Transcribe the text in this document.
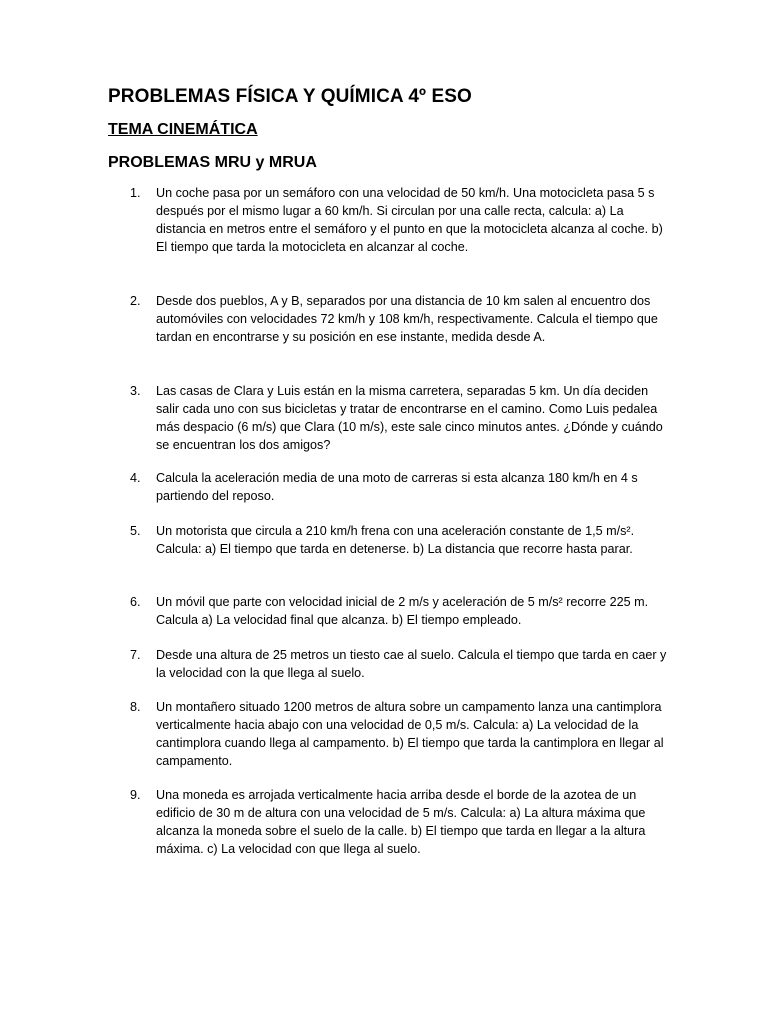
PROBLEMAS FÍSICA Y QUÍMICA 4º ESO
TEMA CINEMÁTICA
PROBLEMAS MRU y MRUA
1.	Un coche pasa por un semáforo con una velocidad de 50 km/h. Una motocicleta pasa 5 s después por el mismo lugar a 60 km/h. Si circulan por una calle recta, calcula: a) La distancia en metros entre el semáforo y el punto en que la motocicleta alcanza al coche. b) El tiempo que tarda la motocicleta en alcanzar al coche.
2.	Desde dos pueblos, A y B, separados por una distancia de 10 km salen al encuentro dos automóviles con velocidades 72 km/h y 108 km/h, respectivamente. Calcula el tiempo que tardan en encontrarse y su posición en ese instante, medida desde A.
3.	Las casas de Clara y Luis están en la misma carretera, separadas 5 km. Un día deciden salir cada uno con sus bicicletas y tratar de encontrarse en el camino. Como Luis pedalea más despacio (6 m/s) que Clara (10 m/s), este sale cinco minutos antes. ¿Dónde y cuándo se encuentran los dos amigos?
4.	Calcula la aceleración media de una moto de carreras si esta alcanza 180 km/h en 4 s partiendo del reposo.
5.	Un motorista que circula a 210 km/h frena con una aceleración constante de 1,5 m/s². Calcula: a) El tiempo que tarda en detenerse. b) La distancia que recorre hasta parar.
6.	Un móvil que parte con velocidad inicial de 2 m/s y aceleración de 5 m/s² recorre 225 m. Calcula a) La velocidad final que alcanza. b) El tiempo empleado.
7.	Desde una altura de 25 metros un tiesto cae al suelo. Calcula el tiempo que tarda en caer y la velocidad con la que llega al suelo.
8.	Un montañero situado 1200 metros de altura sobre un campamento lanza una cantimplora verticalmente hacia abajo con una velocidad de 0,5 m/s. Calcula: a) La velocidad de la cantimplora cuando llega al campamento. b) El tiempo que tarda la cantimplora en llegar al campamento.
9.	Una moneda es arrojada verticalmente hacia arriba desde el borde de la azotea de un edificio de 30 m de altura con una velocidad de 5 m/s. Calcula: a) La altura máxima que alcanza la moneda sobre el suelo de la calle. b) El tiempo que tarda en llegar a la altura máxima. c) La velocidad con que llega al suelo.
